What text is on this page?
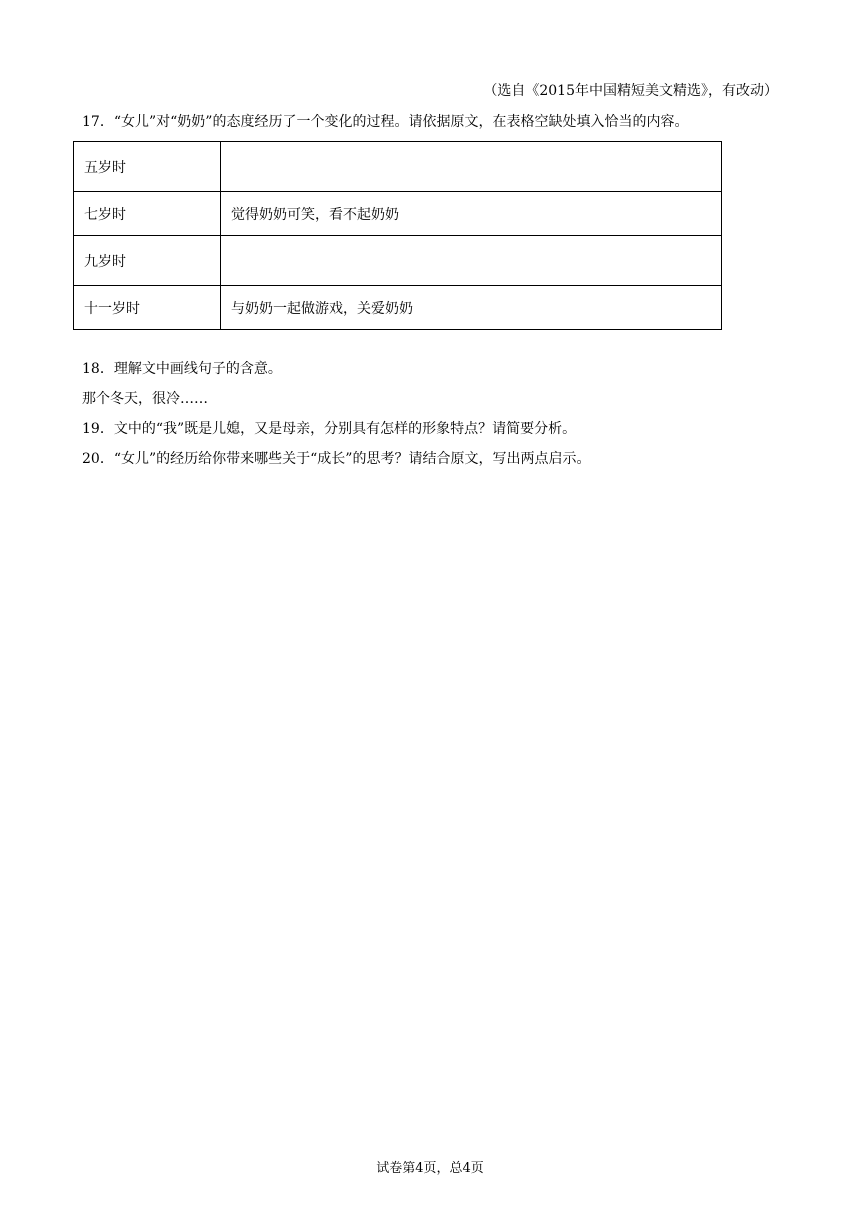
（选自《2015年中国精短美文精选》，有改动）
17．“女儿”对“奶奶”的态度经历了一个变化的过程。请依据原文，在表格空缺处填入恰当的内容。
五岁时	
七岁时	觉得奶奶可笑，看不起奶奶
九岁时	
十一岁时	与奶奶一起做游戏，关爱奶奶
18．理解文中画线句子的含意。
那个冬天，很冷……
19．文中的“我”既是儿媳，又是母亲，分别具有怎样的形象特点？请简要分析。
20．“女儿”的经历给你带来哪些关于“成长”的思考？请结合原文，写出两点启示。
试卷第4页，总4页
